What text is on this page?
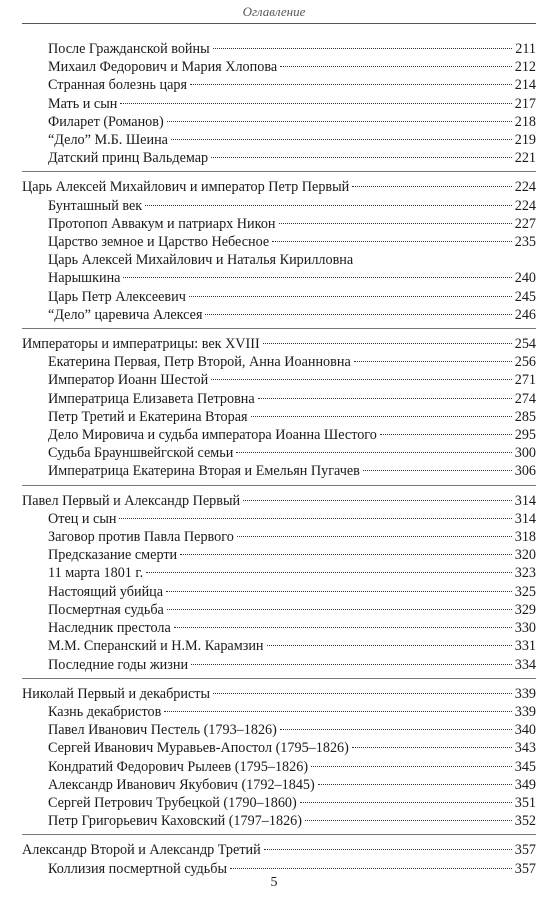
Оглавление
После Гражданской войны	211
Михаил Федорович и Мария Хлопова	212
Странная болезнь царя	214
Мать и сын	217
Филарет (Романов)	218
“Дело” М.Б. Шеина	219
Датский принц Вальдемар	221
Царь Алексей Михайлович и император Петр Первый	224
Бунташный век	224
Протопоп Аввакум и патриарх Никон	227
Царство земное и Царство Небесное	235
Царь Алексей Михайлович и Наталья Кирилловна
Нарышкина	240
Царь Петр Алексеевич	245
“Дело” царевича Алексея	246
Императоры и императрицы: век XVIII	254
Екатерина Первая, Петр Второй, Анна Иоанновна	256
Император Иоанн Шестой	271
Императрица Елизавета Петровна	274
Петр Третий и Екатерина Вторая	285
Дело Мировича и судьба императора Иоанна Шестого	295
Судьба Брауншвейгской семьи	300
Императрица Екатерина Вторая и Емельян Пугачев	306
Павел Первый и Александр Первый	314
Отец и сын	314
Заговор против Павла Первого	318
Предсказание смерти	320
11 марта 1801 г.	323
Настоящий убийца	325
Посмертная судьба	329
Наследник престола	330
М.М. Сперанский и Н.М. Карамзин	331
Последние годы жизни	334
Николай Первый и декабристы	339
Казнь декабристов	339
Павел Иванович Пестель (1793–1826)	340
Сергей Иванович Муравьев-Апостол (1795–1826)	343
Кондратий Федорович Рылеев (1795–1826)	345
Александр Иванович Якубович (1792–1845)	349
Сергей Петрович Трубецкой (1790–1860)	351
Петр Григорьевич Каховский (1797–1826)	352
Александр Второй и Александр Третий	357
Коллизия посмертной судьбы	357
5
